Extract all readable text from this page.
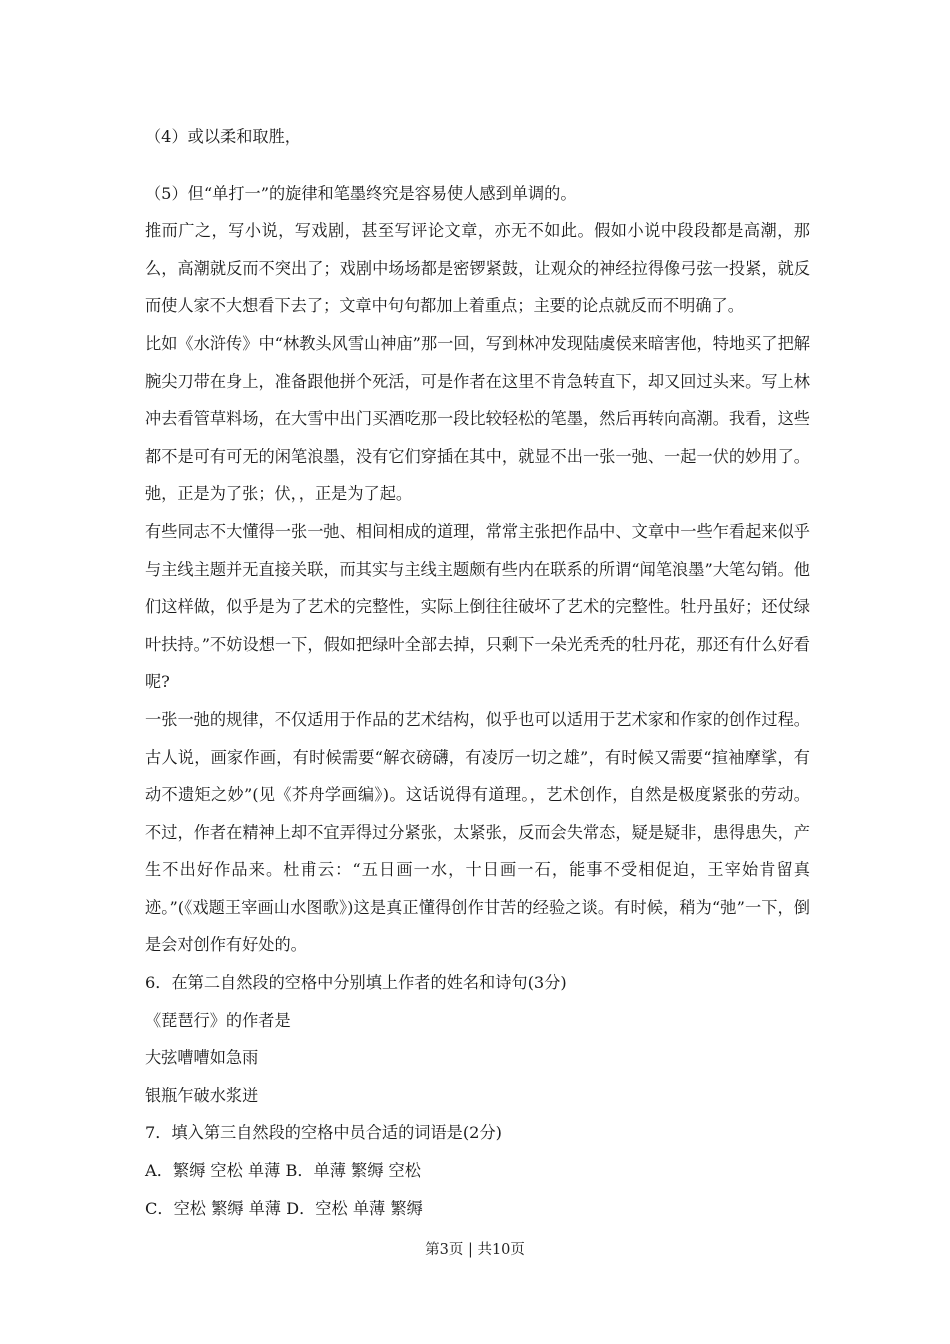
（4）或以柔和取胜，

（5）但“单打一”的旋律和笔墨终究是容易使人感到单调的。

推而广之，写小说，写戏剧，甚至写评论文章，亦无不如此。假如小说中段段都是高潮，那么，高潮就反而不突出了；戏剧中场场都是密锣紧鼓，让观众的神经拉得像弓弦一投紧，就反而使人家不大想看下去了；文章中句句都加上着重点；主要的论点就反而不明确了。

比如《水浒传》中“林教头风雪山神庙”那一回，写到林冲发现陆虞侯来暗害他，特地买了把解腕尖刀带在身上，准备跟他拼个死活，可是作者在这里不肯急转直下，却又回过头来。写上林冲去看管草料场，在大雪中出门买酒吃那一段比较轻松的笔墨，然后再转向高潮。我看，这些都不是可有可无的闲笔浪墨，没有它们穿插在其中，就显不出一张一弛、一起一伏的妙用了。弛，正是为了张；伏，，正是为了起。

有些同志不大懂得一张一弛、相间相成的道理，常常主张把作品中、文章中一些乍看起来似乎与主线主题并无直接关联，而其实与主线主题颇有些内在联系的所谓“闻笔浪墨”大笔勾销。他们这样做，似乎是为了艺术的完整性，实际上倒往往破坏了艺术的完整性。牡丹虽好；还仗绿叶扶持。”不妨设想一下，假如把绿叶全部去掉，只剩下一朵光秃秃的牡丹花，那还有什么好看呢?

一张一弛的规律，不仅适用于作品的艺术结构，似乎也可以适用于艺术家和作家的创作过程。古人说，画家作画，有时候需要“解衣磅礴，有凌厉一切之雄”，有时候又需要“揎袖摩挲，有动不遗矩之妙”(见《芥舟学画编》)。这话说得有道理。，艺术创作，自然是极度紧张的劳动。不过，作者在精神上却不宜弄得过分紧张，太紧张，反而会失常态，疑是疑非，患得患失，产生不出好作品来。杜甫云：“五日画一水，十日画一石，能事不受相促迫，王宰始肯留真迹。”(《戏题王宰画山水图歌》)这是真正懂得创作甘苦的经验之谈。有时候，稍为“弛”一下，倒是会对创作有好处的。

6．在第二自然段的空格中分别填上作者的姓名和诗句(3分)

《琵琶行》的作者是

大弦嘈嘈如急雨

银瓶乍破水浆迸

7．填入第三自然段的空格中员合适的词语是(2分)

A．繁缛 空松 单薄 B．单薄 繁缛 空松

C．空松 繁缛 单薄 D．空松 单薄 繁缛

第3页 | 共10页
